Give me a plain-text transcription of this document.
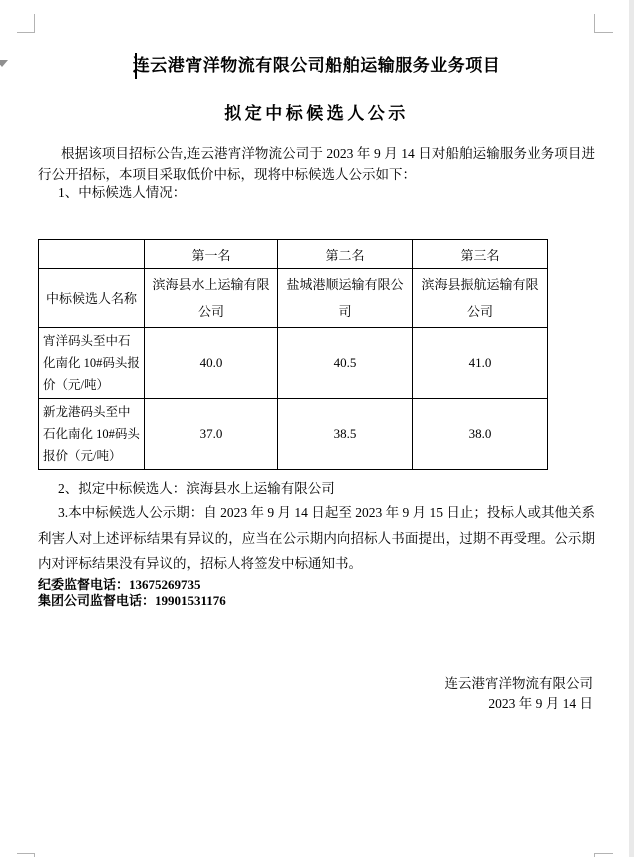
连云港宵洋物流有限公司船舶运输服务业务项目
拟定中标候选人公示
根据该项目招标公告,连云港宵洋物流公司于 2023 年 9 月 14 日对船舶运输服务业务项目进行公开招标，本项目采取低价中标，现将中标候选人公示如下：
1、中标候选人情况：
2、拟定中标候选人：滨海县水上运输有限公司
3.本中标候选人公示期：自 2023 年 9 月 14 日起至 2023 年 9 月 15 日止；投标人或其他关系利害人对上述评标结果有异议的，应当在公示期内向招标人书面提出，过期不再受理。公示期内对评标结果没有异议的，招标人将签发中标通知书。
纪委监督电话：13675269735
集团公司监督电话：19901531176
连云港宵洋物流有限公司
2023 年 9 月 14 日
	第一名	第二名	第三名
中标候选人名称	滨海县水上运输有限公司	盐城港顺运输有限公司	滨海县振航运输有限公司
宵洋码头至中石化南化 10#码头报价（元/吨）	40.0	40.5	41.0
新龙港码头至中石化南化 10#码头报价（元/吨）	37.0	38.5	38.0
